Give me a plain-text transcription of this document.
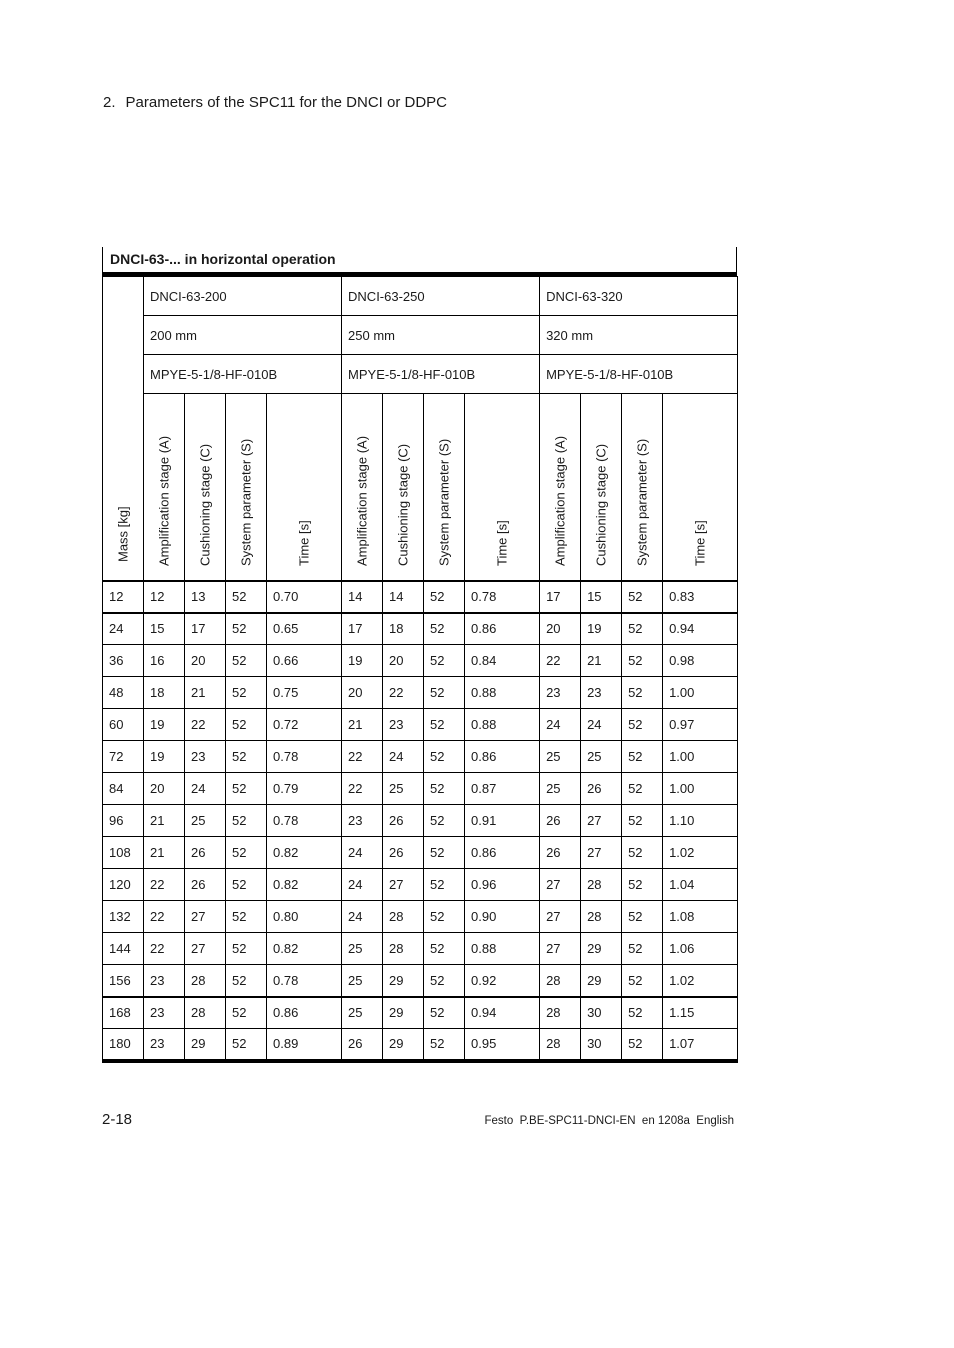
2. Parameters of the SPC11 for the DNCI or DDPC
DNCI-63-... in horizontal operation
Mass [kg]	DNCI-63-200				DNCI-63-250				DNCI-63-320			
	200 mm				250 mm				320 mm			
	MPYE-5-1/8-HF-010B				MPYE-5-1/8-HF-010B				MPYE-5-1/8-HF-010B			

	Amplification stage (A)	Cushioning stage (C)	System parameter (S)	Time [s]	Amplification stage (A)	Cushioning stage (C)	System parameter (S)	Time [s]	Amplification stage (A)	Cushioning stage (C)	System parameter (S)	Time [s]

12	12	13	52	0.70	14	14	52	0.78	17	15	52	0.83
24	15	17	52	0.65	17	18	52	0.86	20	19	52	0.94
36	16	20	52	0.66	19	20	52	0.84	22	21	52	0.98
48	18	21	52	0.75	20	22	52	0.88	23	23	52	1.00
60	19	22	52	0.72	21	23	52	0.88	24	24	52	0.97
72	19	23	52	0.78	22	24	52	0.86	25	25	52	1.00
84	20	24	52	0.79	22	25	52	0.87	25	26	52	1.00
96	21	25	52	0.78	23	26	52	0.91	26	27	52	1.10
108	21	26	52	0.82	24	26	52	0.86	26	27	52	1.02
120	22	26	52	0.82	24	27	52	0.96	27	28	52	1.04
132	22	27	52	0.80	24	28	52	0.90	27	28	52	1.08
144	22	27	52	0.82	25	28	52	0.88	27	29	52	1.06
156	23	28	52	0.78	25	29	52	0.92	28	29	52	1.02
168	23	28	52	0.86	25	29	52	0.94	28	30	52	1.15
180	23	29	52	0.89	26	29	52	0.95	28	30	52	1.07
2-18	Festo  P.BE-SPC11-DNCI-EN  en 1208a  English
